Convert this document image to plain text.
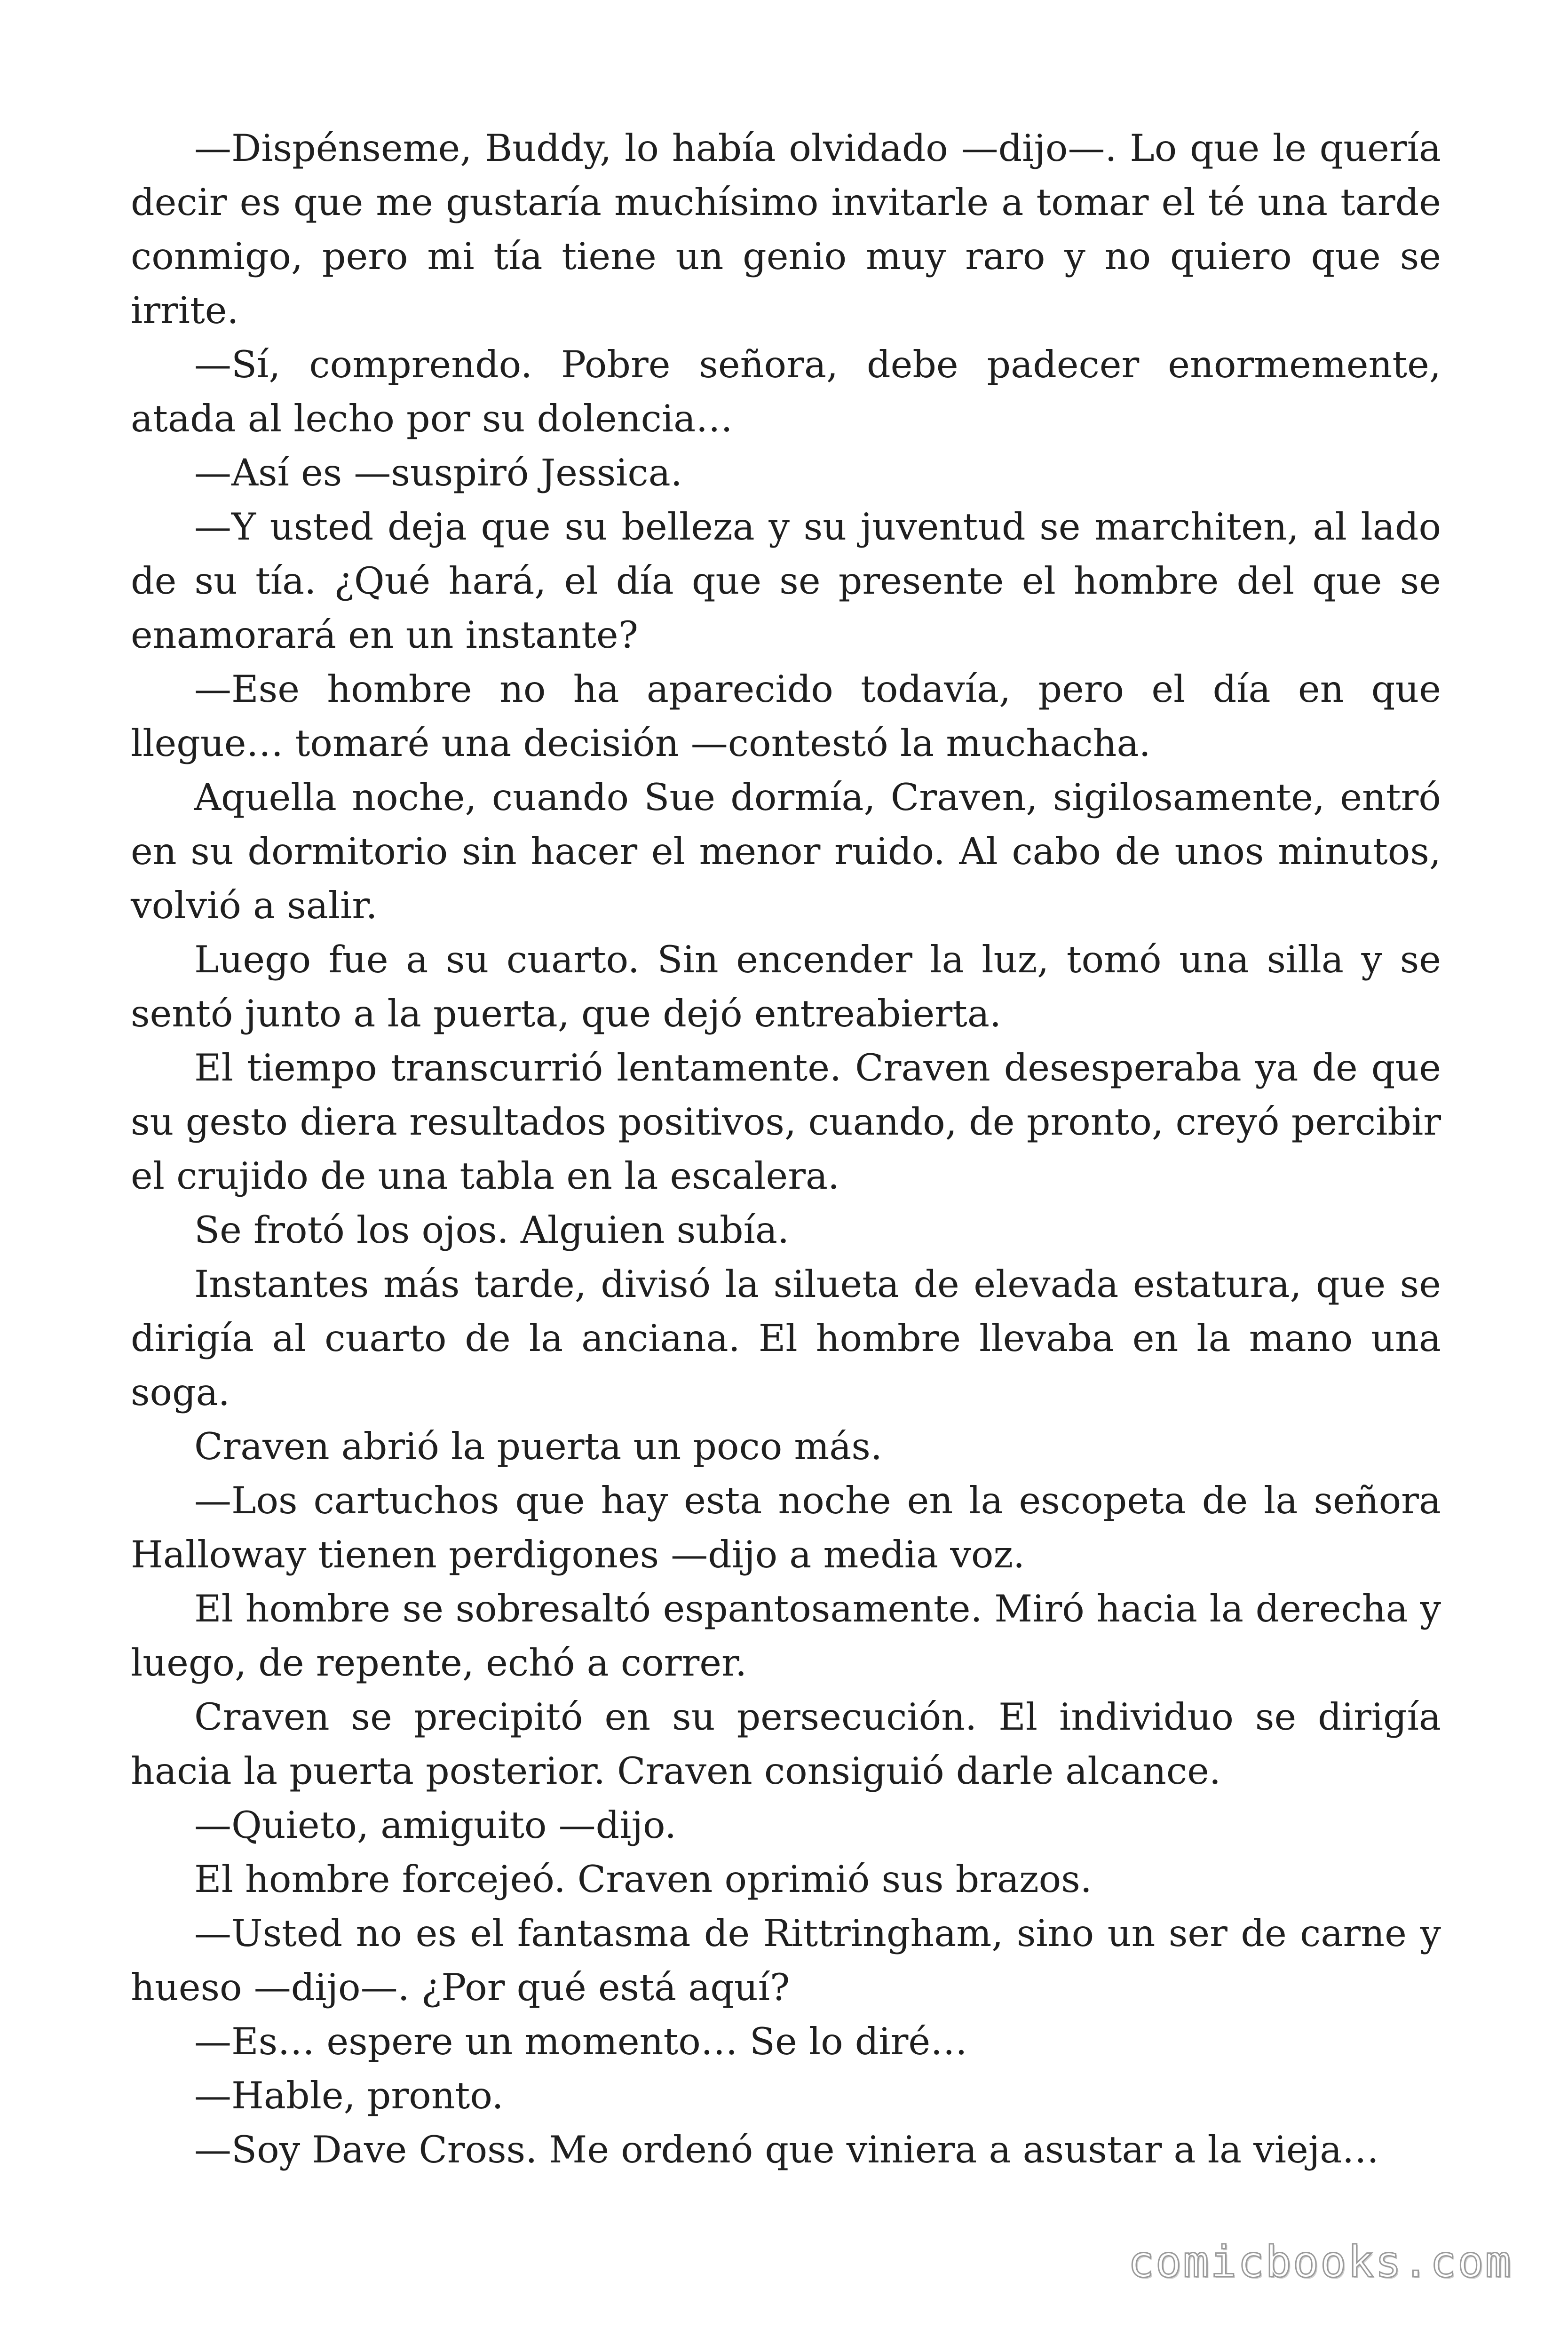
—Dispénseme, Buddy, lo había olvidado —dijo—. Lo que le quería decir es que me gustaría muchísimo invitarle a tomar el té una tarde conmigo, pero mi tía tiene un genio muy raro y no quiero que se irrite.

—Sí, comprendo. Pobre señora, debe padecer enormemente, atada al lecho por su dolencia…

—Así es —suspiró Jessica.

—Y usted deja que su belleza y su juventud se marchiten, al lado de su tía. ¿Qué hará, el día que se presente el hombre del que se enamorará en un instante?

—Ese hombre no ha aparecido todavía, pero el día en que llegue… tomaré una decisión —contestó la muchacha.

Aquella noche, cuando Sue dormía, Craven, sigilosamente, entró en su dormitorio sin hacer el menor ruido. Al cabo de unos minutos, volvió a salir.

Luego fue a su cuarto. Sin encender la luz, tomó una silla y se sentó junto a la puerta, que dejó entreabierta.

El tiempo transcurrió lentamente. Craven desesperaba ya de que su gesto diera resultados positivos, cuando, de pronto, creyó percibir el crujido de una tabla en la escalera.

Se frotó los ojos. Alguien subía.

Instantes más tarde, divisó la silueta de elevada estatura, que se dirigía al cuarto de la anciana. El hombre llevaba en la mano una soga.

Craven abrió la puerta un poco más.

—Los cartuchos que hay esta noche en la escopeta de la señora Halloway tienen perdigones —dijo a media voz.

El hombre se sobresaltó espantosamente. Miró hacia la derecha y luego, de repente, echó a correr.

Craven se precipitó en su persecución. El individuo se dirigía hacia la puerta posterior. Craven consiguió darle alcance.

—Quieto, amiguito —dijo.

El hombre forcejeó. Craven oprimió sus brazos.

—Usted no es el fantasma de Rittringham, sino un ser de carne y hueso —dijo—. ¿Por qué está aquí?

—Es… espere un momento… Se lo diré…

—Hable, pronto.

—Soy Dave Cross. Me ordenó que viniera a asustar a la vieja…

comicbooks.com
